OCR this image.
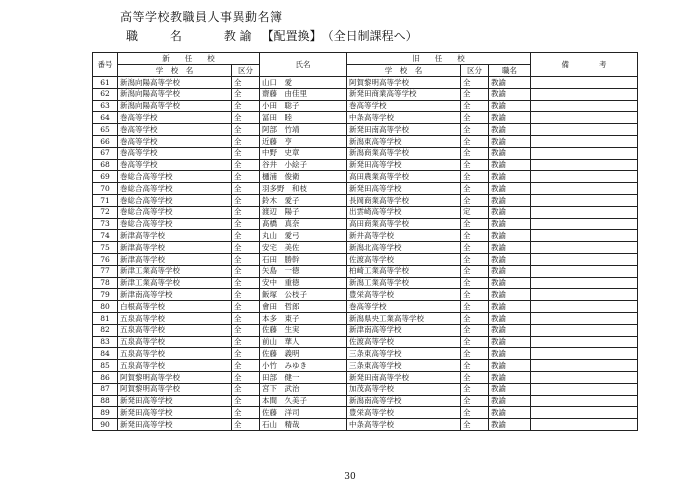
高等学校教職員人事異動名簿
職 名 教 諭 【配置換】（全日制課程へ）
番号	新　　任　　校		氏名	旧　　任　　校			備　　　　考
	学　校　名	区分		学　校　名	区分	職名	
61	新潟向陽高等学校	全	山口　愛	阿賀黎明高等学校	全	教諭	
62	新潟向陽高等学校	全	齋藤　由佳里	新発田商業高等学校	全	教諭	
63	新潟向陽高等学校	全	小田　聡子	巻高等学校	全	教諭	
64	巻高等学校	全	冨田　睦	中条高等学校	全	教諭	
65	巻高等学校	全	阿部　竹靖	新発田南高等学校	全	教諭	
66	巻高等学校	全	近藤　亨	新潟東高等学校	全	教諭	
67	巻高等学校	全	中野　史章	新潟商業高等学校	全	教諭	
68	巻高等学校	全	谷井　小絵子	新発田高等学校	全	教諭	
69	巻総合高等学校	全	樋浦　俊衛	高田農業高等学校	全	教諭	
70	巻総合高等学校	全	羽多野　和枝	新発田高等学校	全	教諭	
71	巻総合高等学校	全	鈴木　愛子	長岡商業高等学校	全	教諭	
72	巻総合高等学校	全	渡辺　陽子	出雲崎高等学校	定	教諭	
73	巻総合高等学校	全	髙橋　真奈	高田商業高等学校	全	教諭	
74	新津高等学校	全	丸山　愛弓	新井高等学校	全	教諭	
75	新津高等学校	全	安宅　美佐	新潟北高等学校	全	教諭	
76	新津高等学校	全	石田　勝幹	佐渡高等学校	全	教諭	
77	新津工業高等学校	全	矢島　一徳	柏崎工業高等学校	全	教諭	
78	新津工業高等学校	全	安中　重徳	新潟工業高等学校	全	教諭	
79	新津南高等学校	全	飯塚　公枝子	豊栄高等学校	全	教諭	
80	白根高等学校	全	會田　哲郎	巻高等学校	全	教諭	
81	五泉高等学校	全	本多　東子	新潟県央工業高等学校	全	教諭	
82	五泉高等学校	全	佐藤　生実	新津南高等学校	全	教諭	
83	五泉高等学校	全	前山　華人	佐渡高等学校	全	教諭	
84	五泉高等学校	全	佐藤　義明	三条東高等学校	全	教諭	
85	五泉高等学校	全	小竹　みゆき	三条東高等学校	全	教諭	
86	阿賀黎明高等学校	全	田部　健一	新発田南高等学校	全	教諭	
87	阿賀黎明高等学校	全	宮下　武治	加茂高等学校	全	教諭	
88	新発田高等学校	全	本間　久美子	新潟南高等学校	全	教諭	
89	新発田高等学校	全	佐藤　洋司	豊栄高等学校	全	教諭	
90	新発田高等学校	全	石山　精哉	中条高等学校	全	教諭	
30
